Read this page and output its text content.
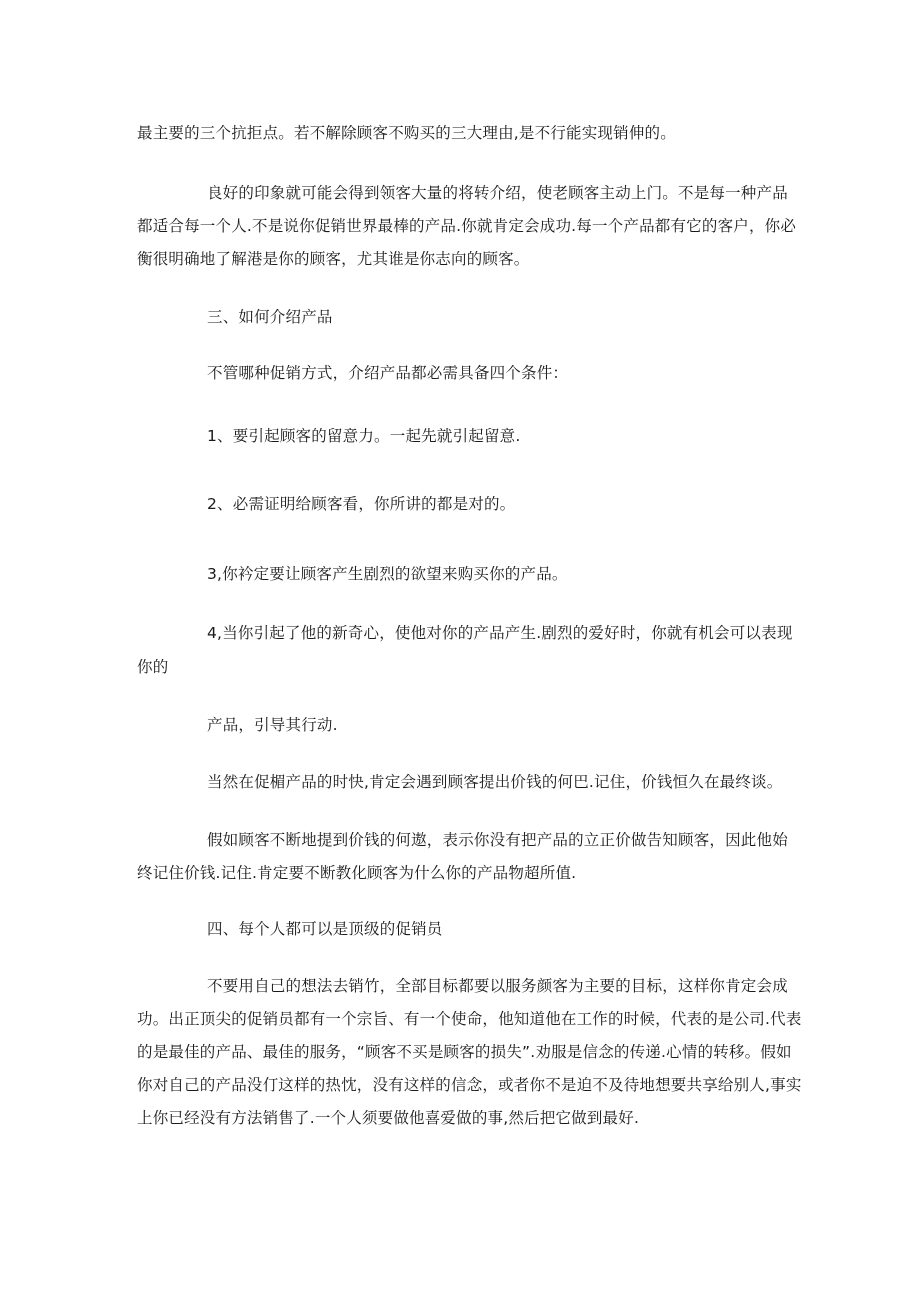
最主要的三个抗拒点。若不解除顾客不购买的三大理由,是不行能实现销伸的。
良好的印象就可能会得到领客大量的将转介绍，使老顾客主动上门。不是每一种产品
都适合每一个人.不是说你促销世界最棒的产品.你就肯定会成功.每一个产品都有它的客户，你必
衡很明确地了解港是你的顾客，尤其谁是你志向的顾客。
三、如何介绍产品
不管哪种促销方式，介绍产品都必需具备四个条件：
1、要引起顾客的留意力。一起先就引起留意.
2、必需证明给顾客看，你所讲的都是对的。
3,你衿定要让顾客产生剧烈的欲望来购买你的产品。
4,当你引起了他的新奇心，使他对你的产品产生.剧烈的爱好时，你就有机会可以表现
你的
产品，引导其行动.
当然在促楣产品的时快,肯定会遇到顾客提出价钱的何巴.记住，价钱恒久在最终谈。
假如顾客不断地提到价钱的何遨，表示你没有把产品的立正价做告知顾客，因此他始
终记住价钱.记住.肯定要不断教化顾客为什么你的产品物超所值.
四、每个人都可以是顶级的促销员
不要用自己的想法去销竹，全部目标都要以服务颜客为主要的目标，这样你肯定会成
功。出正顶尖的促销员都有一个宗旨、有一个使命，他知道他在工作的时候，代表的是公司.代表
的是最佳的产品、最佳的服务，“顾客不买是顾客的损失”.劝服是信念的传递.心情的转移。假如
你对自己的产品没仃这样的热忱，没有这样的信念，或者你不是迫不及待地想要共享给别人,事实
上你已经没有方法销售了.一个人须要做他喜爱做的事,然后把它做到最好.
